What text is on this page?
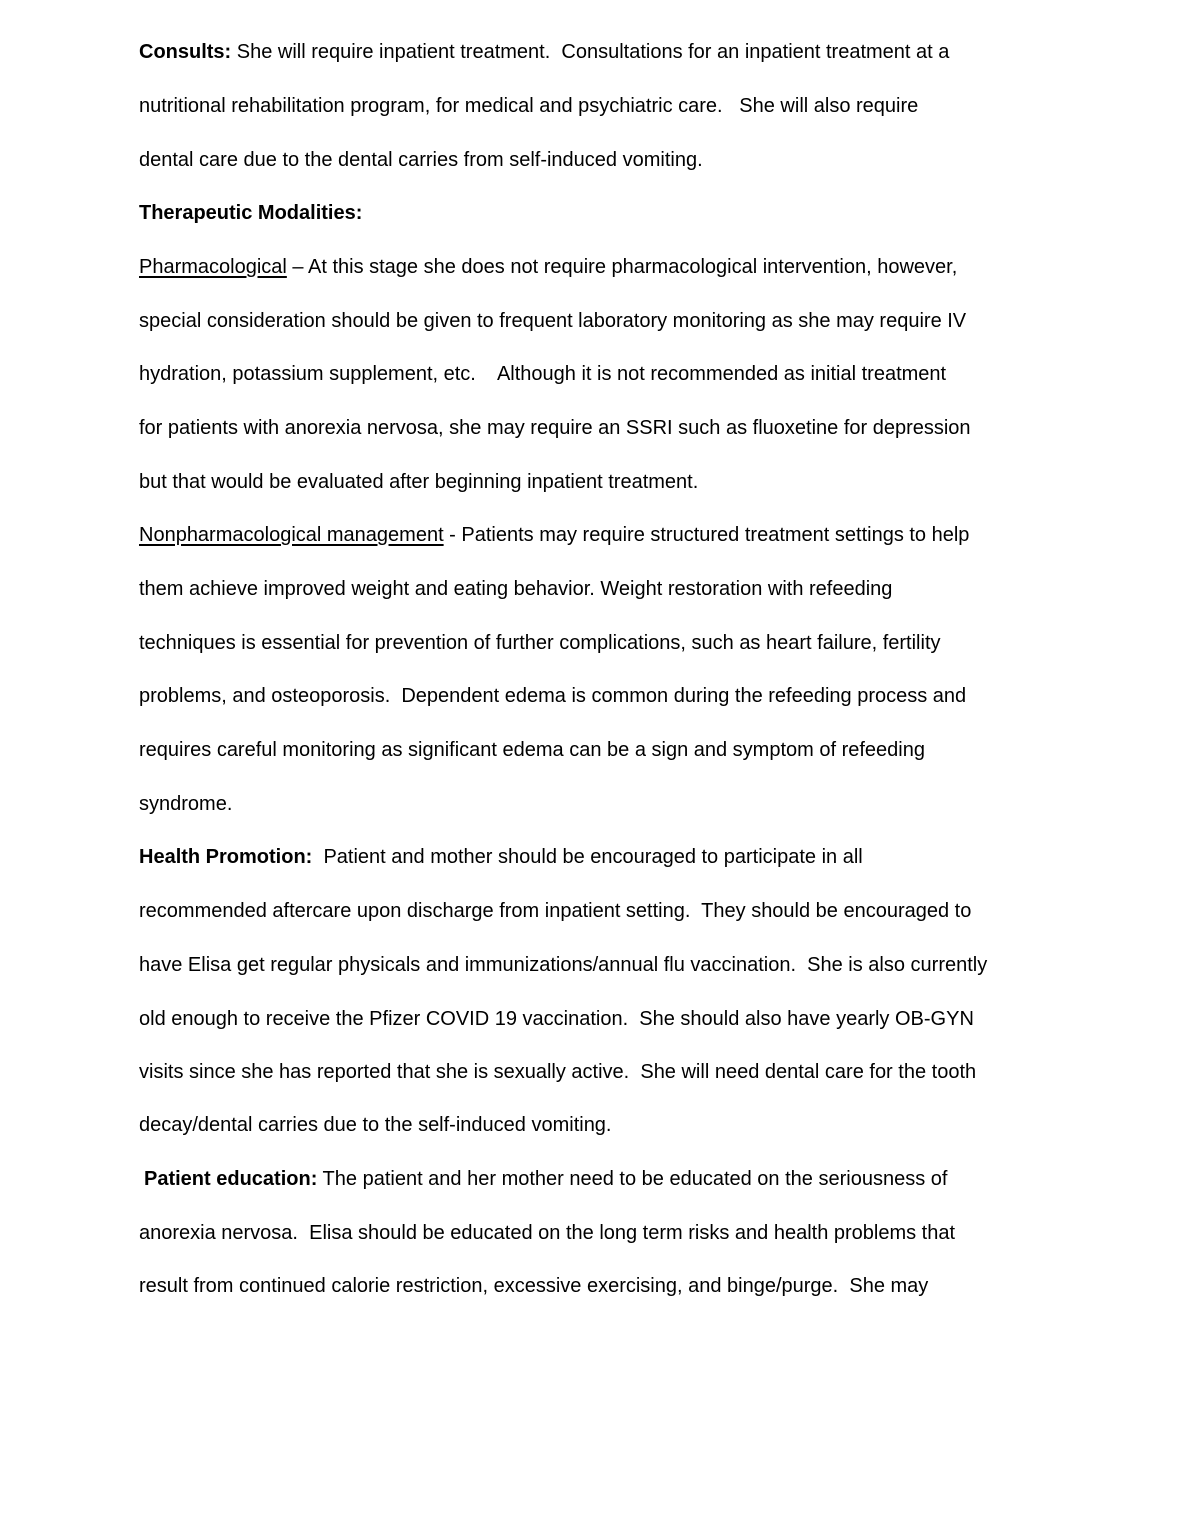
Consults: She will require inpatient treatment.  Consultations for an inpatient treatment at a
nutritional rehabilitation program, for medical and psychiatric care.   She will also require
dental care due to the dental carries from self-induced vomiting.
Therapeutic Modalities:
Pharmacological – At this stage she does not require pharmacological intervention, however,
special consideration should be given to frequent laboratory monitoring as she may require IV
hydration, potassium supplement, etc.    Although it is not recommended as initial treatment
for patients with anorexia nervosa, she may require an SSRI such as fluoxetine for depression
but that would be evaluated after beginning inpatient treatment.
Nonpharmacological management - Patients may require structured treatment settings to help
them achieve improved weight and eating behavior. Weight restoration with refeeding
techniques is essential for prevention of further complications, such as heart failure, fertility
problems, and osteoporosis.  Dependent edema is common during the refeeding process and
requires careful monitoring as significant edema can be a sign and symptom of refeeding
syndrome.
Health Promotion:  Patient and mother should be encouraged to participate in all
recommended aftercare upon discharge from inpatient setting.  They should be encouraged to
have Elisa get regular physicals and immunizations/annual flu vaccination.  She is also currently
old enough to receive the Pfizer COVID 19 vaccination.  She should also have yearly OB-GYN
visits since she has reported that she is sexually active.  She will need dental care for the tooth
decay/dental carries due to the self-induced vomiting.
Patient education: The patient and her mother need to be educated on the seriousness of
anorexia nervosa.  Elisa should be educated on the long term risks and health problems that
result from continued calorie restriction, excessive exercising, and binge/purge.  She may
